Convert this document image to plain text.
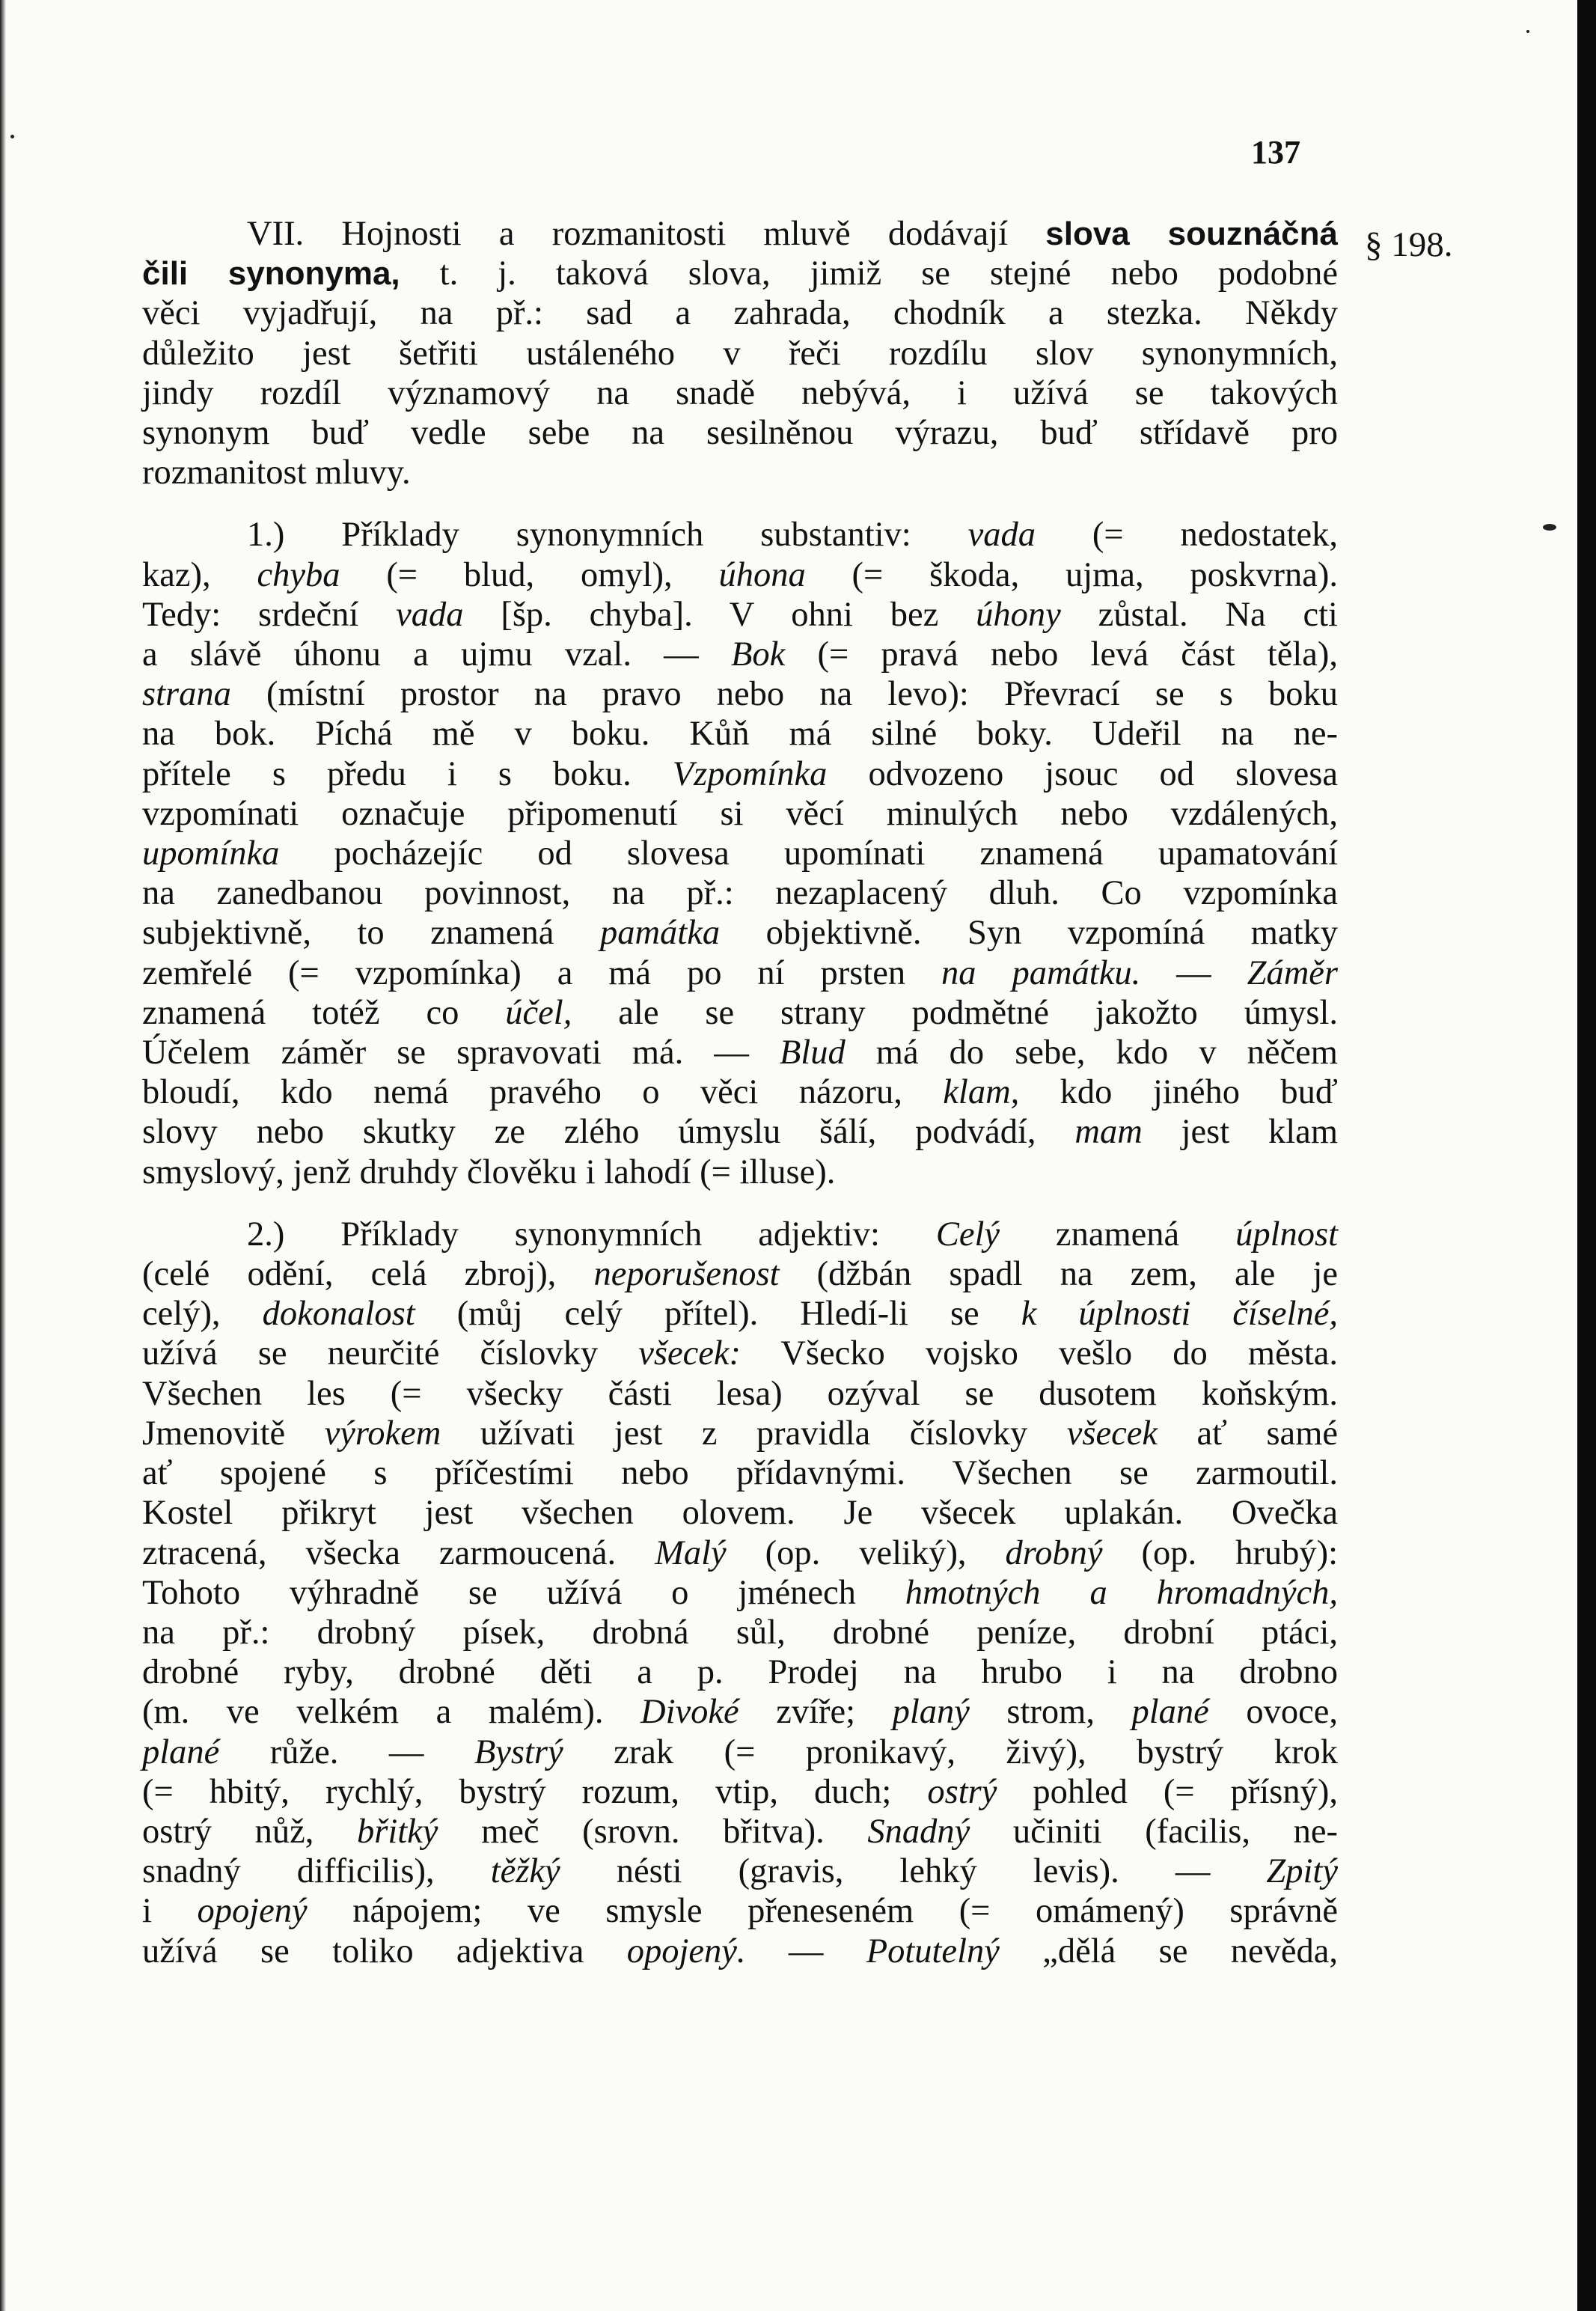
137
§ 198.

VII. Hojnosti a rozmanitosti mluvě dodávají slova souznáčná
čili synonyma, t. j. taková slova, jimiž se stejné nebo podobné
věci vyjadřují, na př.: sad a zahrada, chodník a stezka. Někdy
důležito jest šetřiti ustáleného v řeči rozdílu slov synonymních,
jindy rozdíl významový na snadě nebývá, i užívá se takových
synonym buď vedle sebe na sesilněnou výrazu, buď střídavě pro
rozmanitost mluvy.

1.) Příklady synonymních substantiv: vada (= nedostatek,
kaz), chyba (= blud, omyl), úhona (= škoda, ujma, poskvrna).
Tedy: srdeční vada [šp. chyba]. V ohni bez úhony zůstal. Na cti
a slávě úhonu a ujmu vzal. — Bok (= pravá nebo levá část těla),
strana (místní prostor na pravo nebo na levo): Převrací se s boku
na bok. Píchá mě v boku. Kůň má silné boky. Udeřil na ne-
přítele s předu i s boku. Vzpomínka odvozeno jsouc od slovesa
vzpomínati označuje připomenutí si věcí minulých nebo vzdálených,
upomínka pocházejíc od slovesa upomínati znamená upamatování
na zanedbanou povinnost, na př.: nezaplacený dluh. Co vzpomínka
subjektivně, to znamená památka objektivně. Syn vzpomíná matky
zemřelé (= vzpomínka) a má po ní prsten na památku. — Záměr
znamená totéž co účel, ale se strany podmětné jakožto úmysl.
Účelem záměr se spravovati má. — Blud má do sebe, kdo v něčem
bloudí, kdo nemá pravého o věci názoru, klam, kdo jiného buď
slovy nebo skutky ze zlého úmyslu šálí, podvádí, mam jest klam
smyslový, jenž druhdy člověku i lahodí (= illuse).

2.) Příklady synonymních adjektiv: Celý znamená úplnost
(celé odění, celá zbroj), neporušenost (džbán spadl na zem, ale je
celý), dokonalost (můj celý přítel). Hledí-li se k úplnosti číselné,
užívá se neurčité číslovky všecek: Všecko vojsko vešlo do města.
Všechen les (= všecky části lesa) ozýval se dusotem koňským.
Jmenovitě výrokem užívati jest z pravidla číslovky všecek ať samé
ať spojené s příčestími nebo přídavnými. Všechen se zarmoutil.
Kostel přikryt jest všechen olovem. Je všecek uplakán. Ovečka
ztracená, všecka zarmoucená. Malý (op. veliký), drobný (op. hrubý):
Tohoto výhradně se užívá o jménech hmotných a hromadných,
na př.: drobný písek, drobná sůl, drobné peníze, drobní ptáci,
drobné ryby, drobné děti a p. Prodej na hrubo i na drobno
(m. ve velkém a malém). Divoké zvíře; planý strom, plané ovoce,
plané růže. — Bystrý zrak (= pronikavý, živý), bystrý krok
(= hbitý, rychlý, bystrý rozum, vtip, duch; ostrý pohled (= přísný),
ostrý nůž, břitký meč (srovn. břitva). Snadný učiniti (facilis, ne-
snadný difficilis), těžký nésti (gravis, lehký levis). — Zpitý
i opojený nápojem; ve smysle přeneseném (= omámený) správně
užívá se toliko adjektiva opojený. — Potutelný „dělá se nevěda,
